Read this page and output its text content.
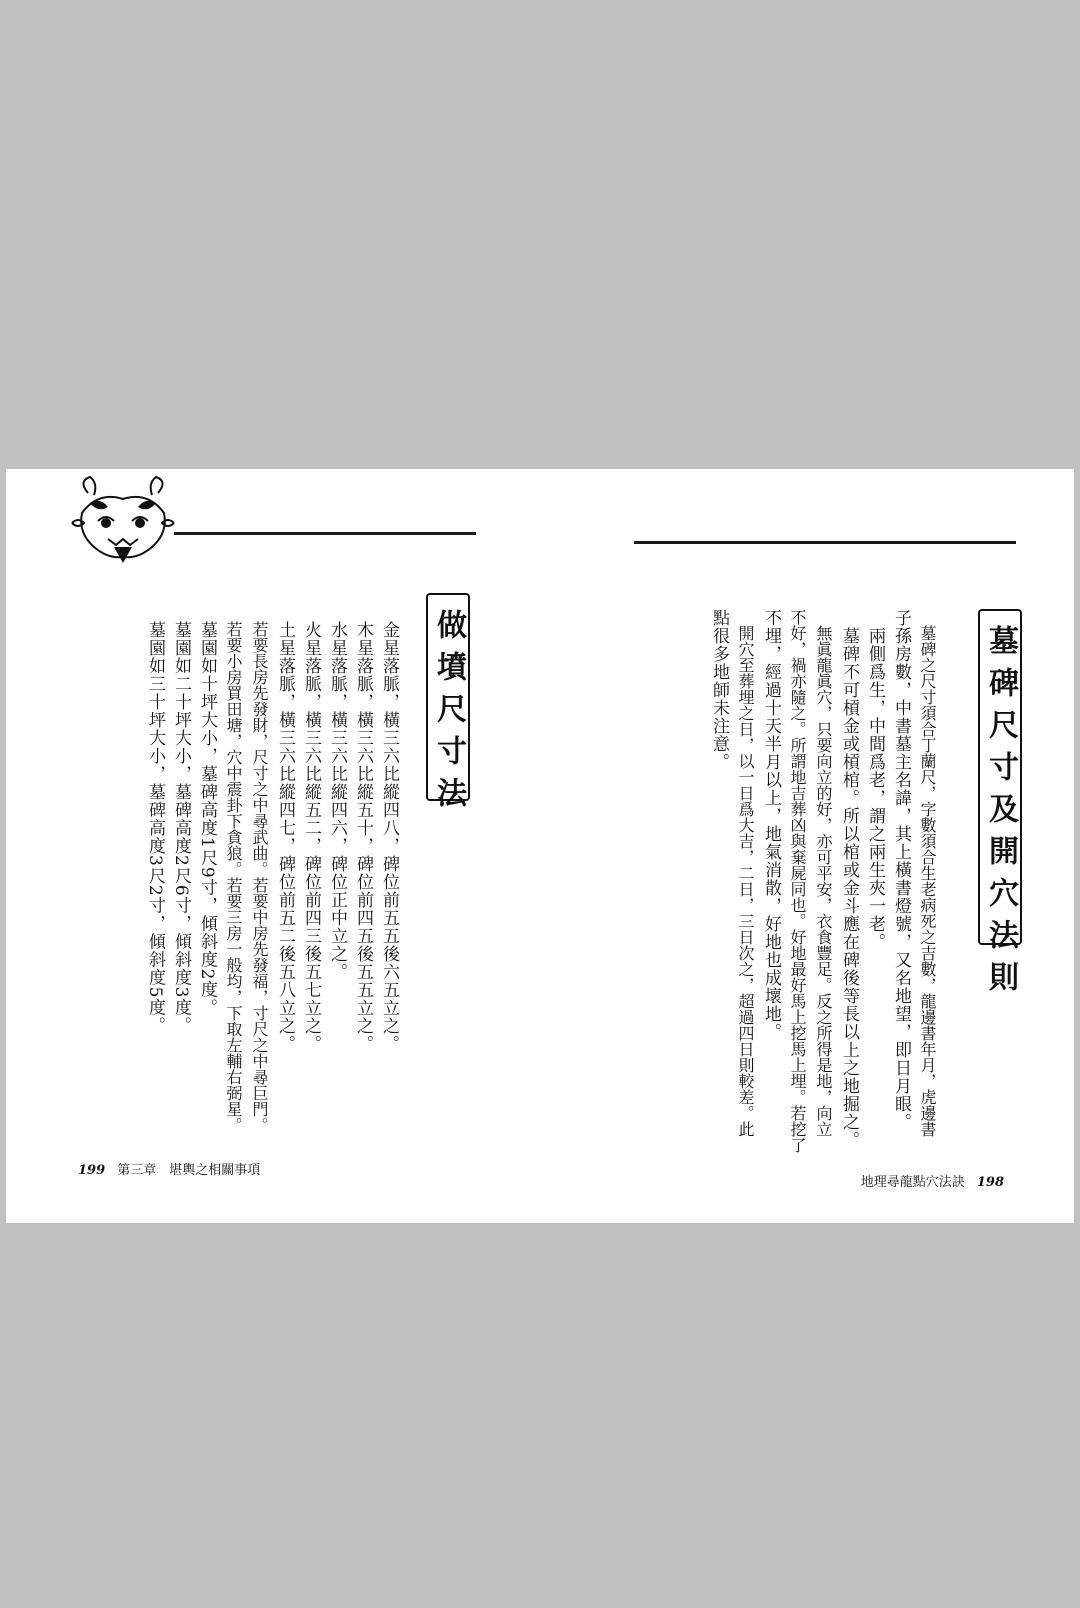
做墳尺寸法
金星落脈，橫三六比縱四八，碑位前五五後六五立之。
木星落脈，橫三六比縱五十，碑位前四五後五五立之。
水星落脈，橫三六比縱四六，碑位正中立之。
火星落脈，橫三六比縱五二，碑位前四三後五七立之。
土星落脈，橫三六比縱四七，碑位前五二後五八立之。
若要長房先發財，尺寸之中尋武曲。若要中房先發福，寸尺之中尋巨門。
若要小房買田塘，穴中震卦下貪狼。若要三房一般均，下取左輔右弼星。
墓園如十坪大小，墓碑高度1尺9寸，傾斜度2度。
墓園如二十坪大小，墓碑高度2尺6寸，傾斜度3度。
墓園如三十坪大小，墓碑高度3尺2寸，傾斜度5度。
199 第三章　堪輿之相關事項
墓碑尺寸及開穴法則
　墓碑之尺寸須合丁蘭尺，字數須合生老病死之吉數，龍邊書年月，虎邊書
子孫房數，中書墓主名諱，其上橫書燈號，又名地望，即日月眼。
　兩側爲生，中間爲老，謂之兩生夾一老。
　墓碑不可槓金或槓棺。所以棺或金斗應在碑後等長以上之地掘之。
　無眞龍眞穴，只要向立的好，亦可平安，衣食豐足。反之所得是地，向立
不好，禍亦隨之。所謂地吉葬凶與棄屍同也。好地最好馬上挖馬上埋。若挖了
不埋，經過十天半月以上，地氣消散，好地也成壞地。
　開穴至葬埋之日，以一日爲大吉，二日，三日次之，超過四日則較差。此
點很多地師未注意。
地理尋龍點穴法訣 198
